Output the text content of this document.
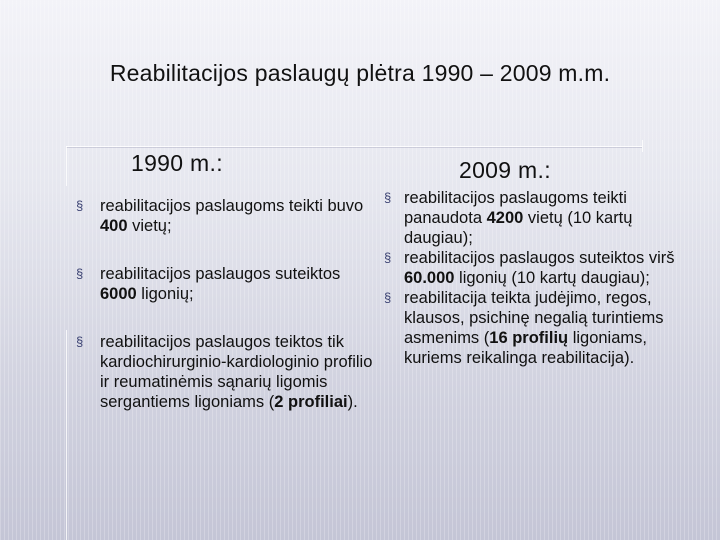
Reabilitacijos paslaugų plėtra 1990 – 2009 m.m.
1990 m.:	2009 m.:
§ reabilitacijos paslaugoms teikti buvo 400 vietų;
§ reabilitacijos paslaugos suteiktos 6000 ligonių;
§ reabilitacijos paslaugos teiktos tik kardiochirurginio-kardiologinio profilio ir reumatinėmis sąnarių ligomis sergantiems ligoniams (2 profiliai).
§ reabilitacijos paslaugoms teikti panaudota 4200 vietų (10 kartų daugiau);
§ reabilitacijos paslaugos suteiktos virš 60.000 ligonių (10 kartų daugiau);
§ reabilitacija teikta judėjimo, regos, klausos, psichinę negalią turintiems asmenims (16 profilių ligoniams, kuriems reikalinga reabilitacija).
